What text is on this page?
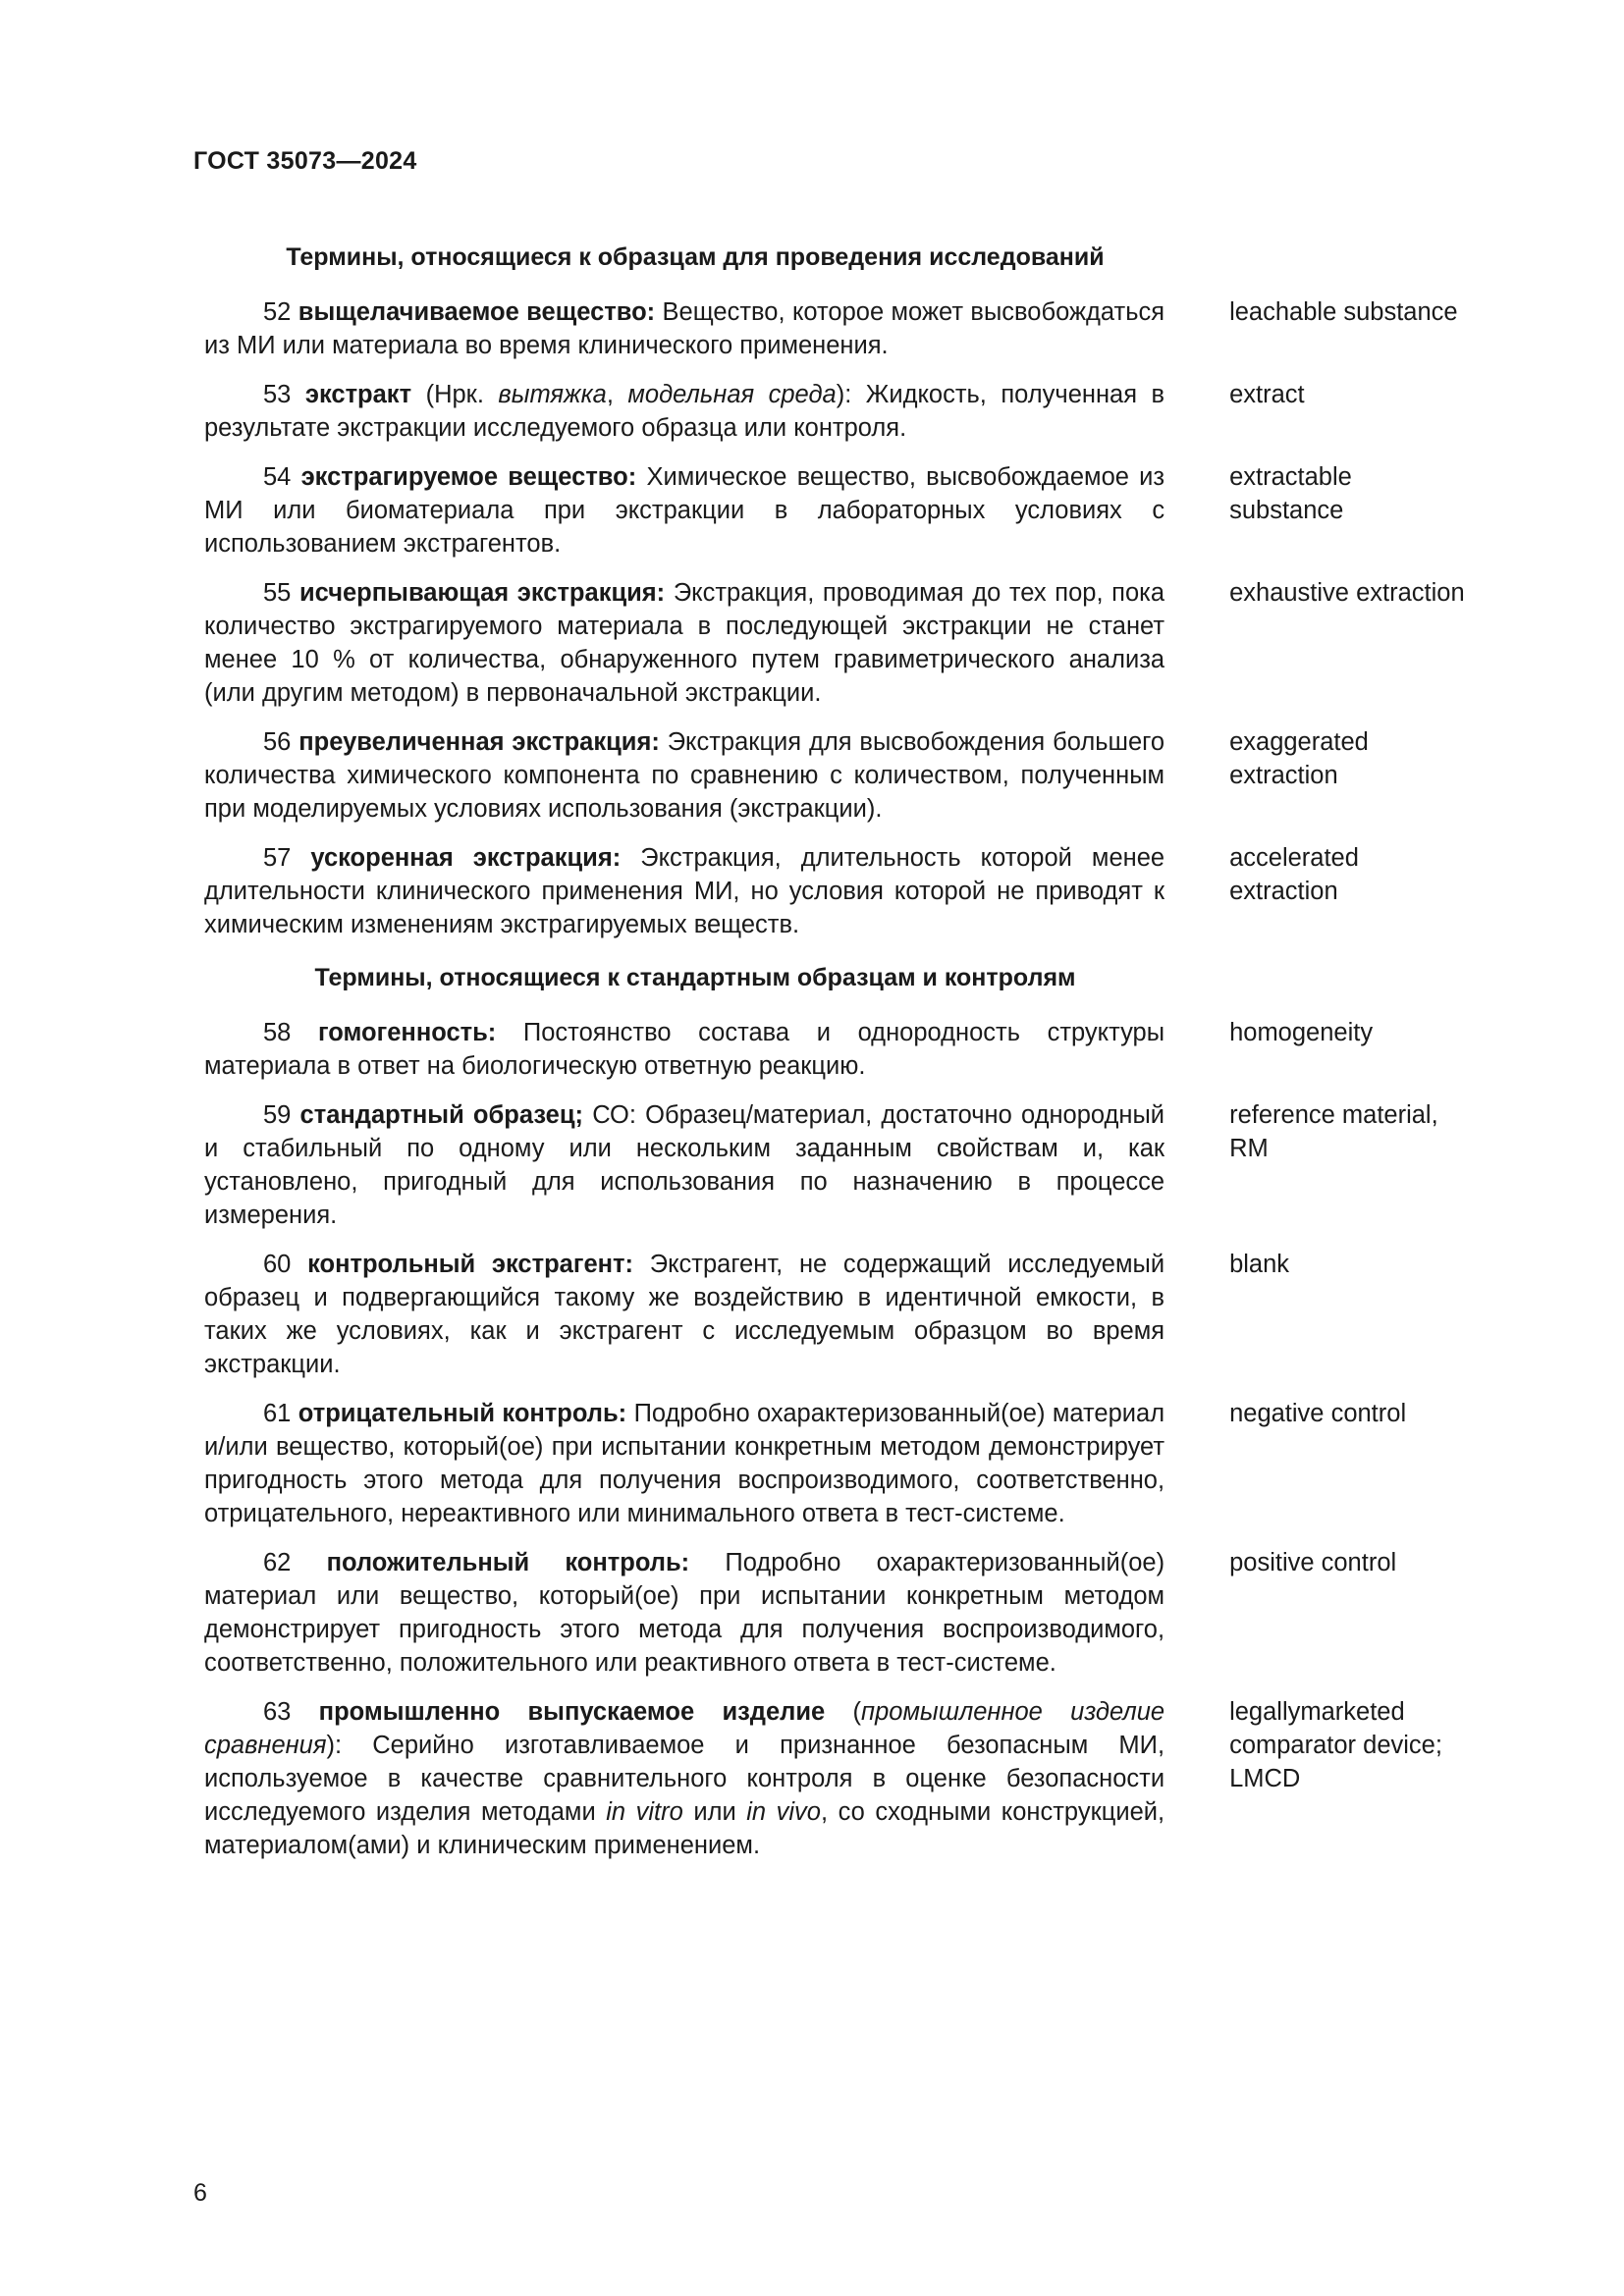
ГОСТ 35073—2024
Термины, относящиеся к образцам для проведения исследований
52 выщелачиваемое вещество: Вещество, которое может высвобождаться из МИ или материала во время клинического применения.
leachable substance
53 экстракт (Нрк. вытяжка, модельная среда): Жидкость, полученная в результате экстракции исследуемого образца или контроля.
extract
54 экстрагируемое вещество: Химическое вещество, высвобождаемое из МИ или биоматериала при экстракции в лабораторных условиях с использованием экстрагентов.
extractable
substance
55 исчерпывающая экстракция: Экстракция, проводимая до тех пор, пока количество экстрагируемого материала в последующей экстракции не станет менее 10 % от количества, обнаруженного путем гравиметрического анализа (или другим методом) в первоначальной экстракции.
exhaustive extraction
56 преувеличенная экстракция: Экстракция для высвобождения большего количества химического компонента по сравнению с количеством, полученным при моделируемых условиях использования (экстракции).
exaggerated
extraction
57 ускоренная экстракция: Экстракция, длительность которой менее длительности клинического применения МИ, но условия которой не приводят к химическим изменениям экстрагируемых веществ.
accelerated
extraction
Термины, относящиеся к стандартным образцам и контролям
58 гомогенность: Постоянство состава и однородность структуры материала в ответ на биологическую ответную реакцию.
homogeneity
59 стандартный образец; СО: Образец/материал, достаточно однородный и стабильный по одному или нескольким заданным свойствам и, как установлено, пригодный для использования по назначению в процессе измерения.
reference material,
RM
60 контрольный экстрагент: Экстрагент, не содержащий исследуемый образец и подвергающийся такому же воздействию в идентичной емкости, в таких же условиях, как и экстрагент с исследуемым образцом во время экстракции.
blank
61 отрицательный контроль: Подробно охарактеризованный(ое) материал и/или вещество, который(ое) при испытании конкретным методом демонстрирует пригодность этого метода для получения воспроизводимого, соответственно, отрицательного, нереактивного или минимального ответа в тест-системе.
negative control
62 положительный контроль: Подробно охарактеризованный(ое) материал или вещество, который(ое) при испытании конкретным методом демонстрирует пригодность этого метода для получения воспроизводимого, соответственно, положительного или реактивного ответа в тест-системе.
positive control
63 промышленно выпускаемое изделие (промышленное изделие сравнения): Серийно изготавливаемое и признанное безопасным МИ, используемое в качестве сравнительного контроля в оценке безопасности исследуемого изделия методами in vitro или in vivo, со сходными конструкцией, материалом(ами) и клиническим применением.
legallymarketed
comparator device;
LMCD
6
